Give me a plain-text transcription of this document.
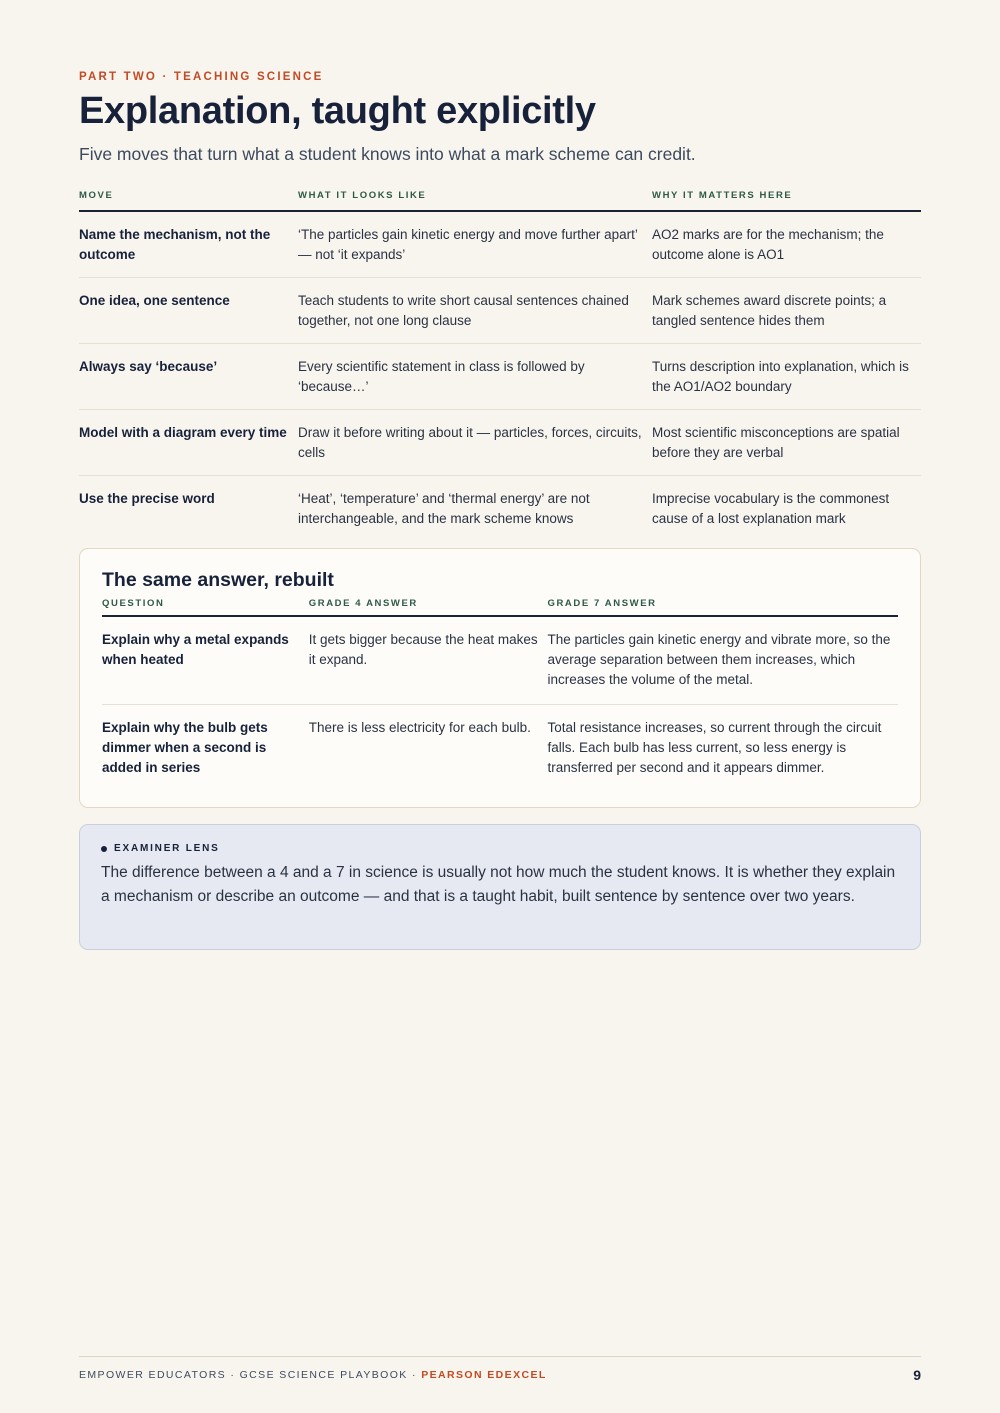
PART TWO · TEACHING SCIENCE
Explanation, taught explicitly
Five moves that turn what a student knows into what a mark scheme can credit.
MOVE	WHAT IT LOOKS LIKE	WHY IT MATTERS HERE
Name the mechanism, not the outcome	‘The particles gain kinetic energy and move further apart’ — not ‘it expands’	AO2 marks are for the mechanism; the outcome alone is AO1
One idea, one sentence	Teach students to write short causal sentences chained together, not one long clause	Mark schemes award discrete points; a tangled sentence hides them
Always say ‘because’	Every scientific statement in class is followed by ‘because…’	Turns description into explanation, which is the AO1/AO2 boundary
Model with a diagram every time	Draw it before writing about it — particles, forces, circuits, cells	Most scientific misconceptions are spatial before they are verbal
Use the precise word	‘Heat’, ‘temperature’ and ‘thermal energy’ are not interchangeable, and the mark scheme knows	Imprecise vocabulary is the commonest cause of a lost explanation mark
The same answer, rebuilt
QUESTION	GRADE 4 ANSWER	GRADE 7 ANSWER
Explain why a metal expands when heated	It gets bigger because the heat makes it expand.	The particles gain kinetic energy and vibrate more, so the average separation between them increases, which increases the volume of the metal.
Explain why the bulb gets dimmer when a second is added in series	There is less electricity for each bulb.	Total resistance increases, so current through the circuit falls. Each bulb has less current, so less energy is transferred per second and it appears dimmer.
EXAMINER LENS
The difference between a 4 and a 7 in science is usually not how much the student knows. It is whether they explain a mechanism or describe an outcome — and that is a taught habit, built sentence by sentence over two years.
EMPOWER EDUCATORS · GCSE SCIENCE PLAYBOOK · PEARSON EDEXCEL	9
